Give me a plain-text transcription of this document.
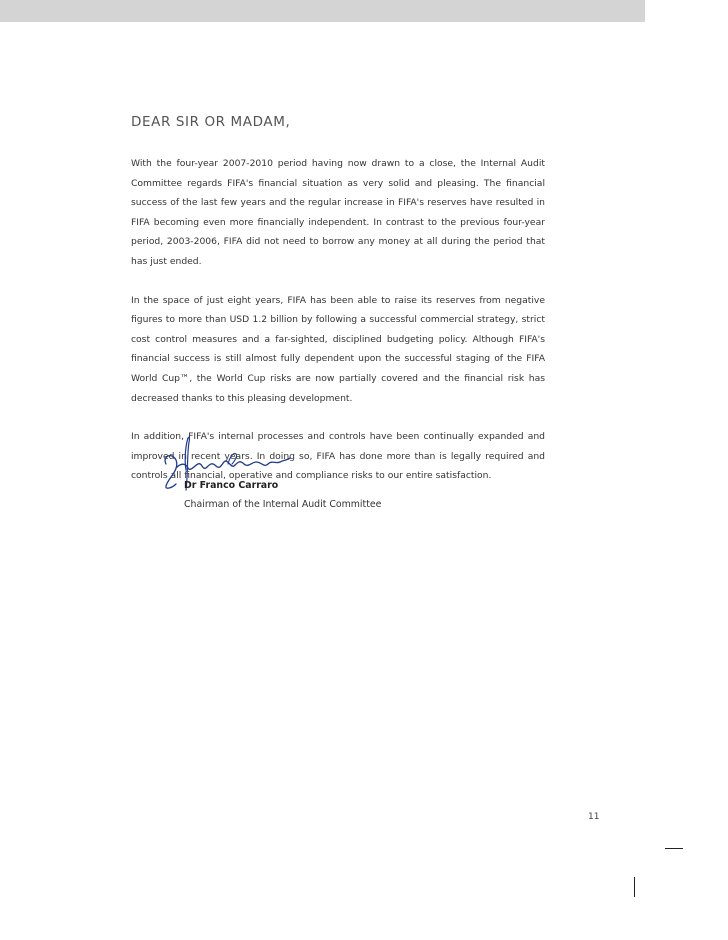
DEAR SIR OR MADAM,

With the four-year 2007-2010 period having now drawn to a close, the Internal Audit Committee regards FIFA's financial situation as very solid and pleasing. The financial success of the last few years and the regular increase in FIFA's reserves have resulted in FIFA becoming even more financially independent. In contrast to the previous four-year period, 2003-2006, FIFA did not need to borrow any money at all during the period that has just ended.

In the space of just eight years, FIFA has been able to raise its reserves from negative figures to more than USD 1.2 billion by following a successful commercial strategy, strict cost control measures and a far-sighted, disciplined budgeting policy. Although FIFA's financial success is still almost fully dependent upon the successful staging of the FIFA World Cup™, the World Cup risks are now partially covered and the financial risk has decreased thanks to this pleasing development.

In addition, FIFA's internal processes and controls have been continually expanded and improved in recent years. In doing so, FIFA has done more than is legally required and controls all financial, operative and compliance risks to our entire satisfaction.

Dr Franco Carraro
Chairman of the Internal Audit Committee
11
